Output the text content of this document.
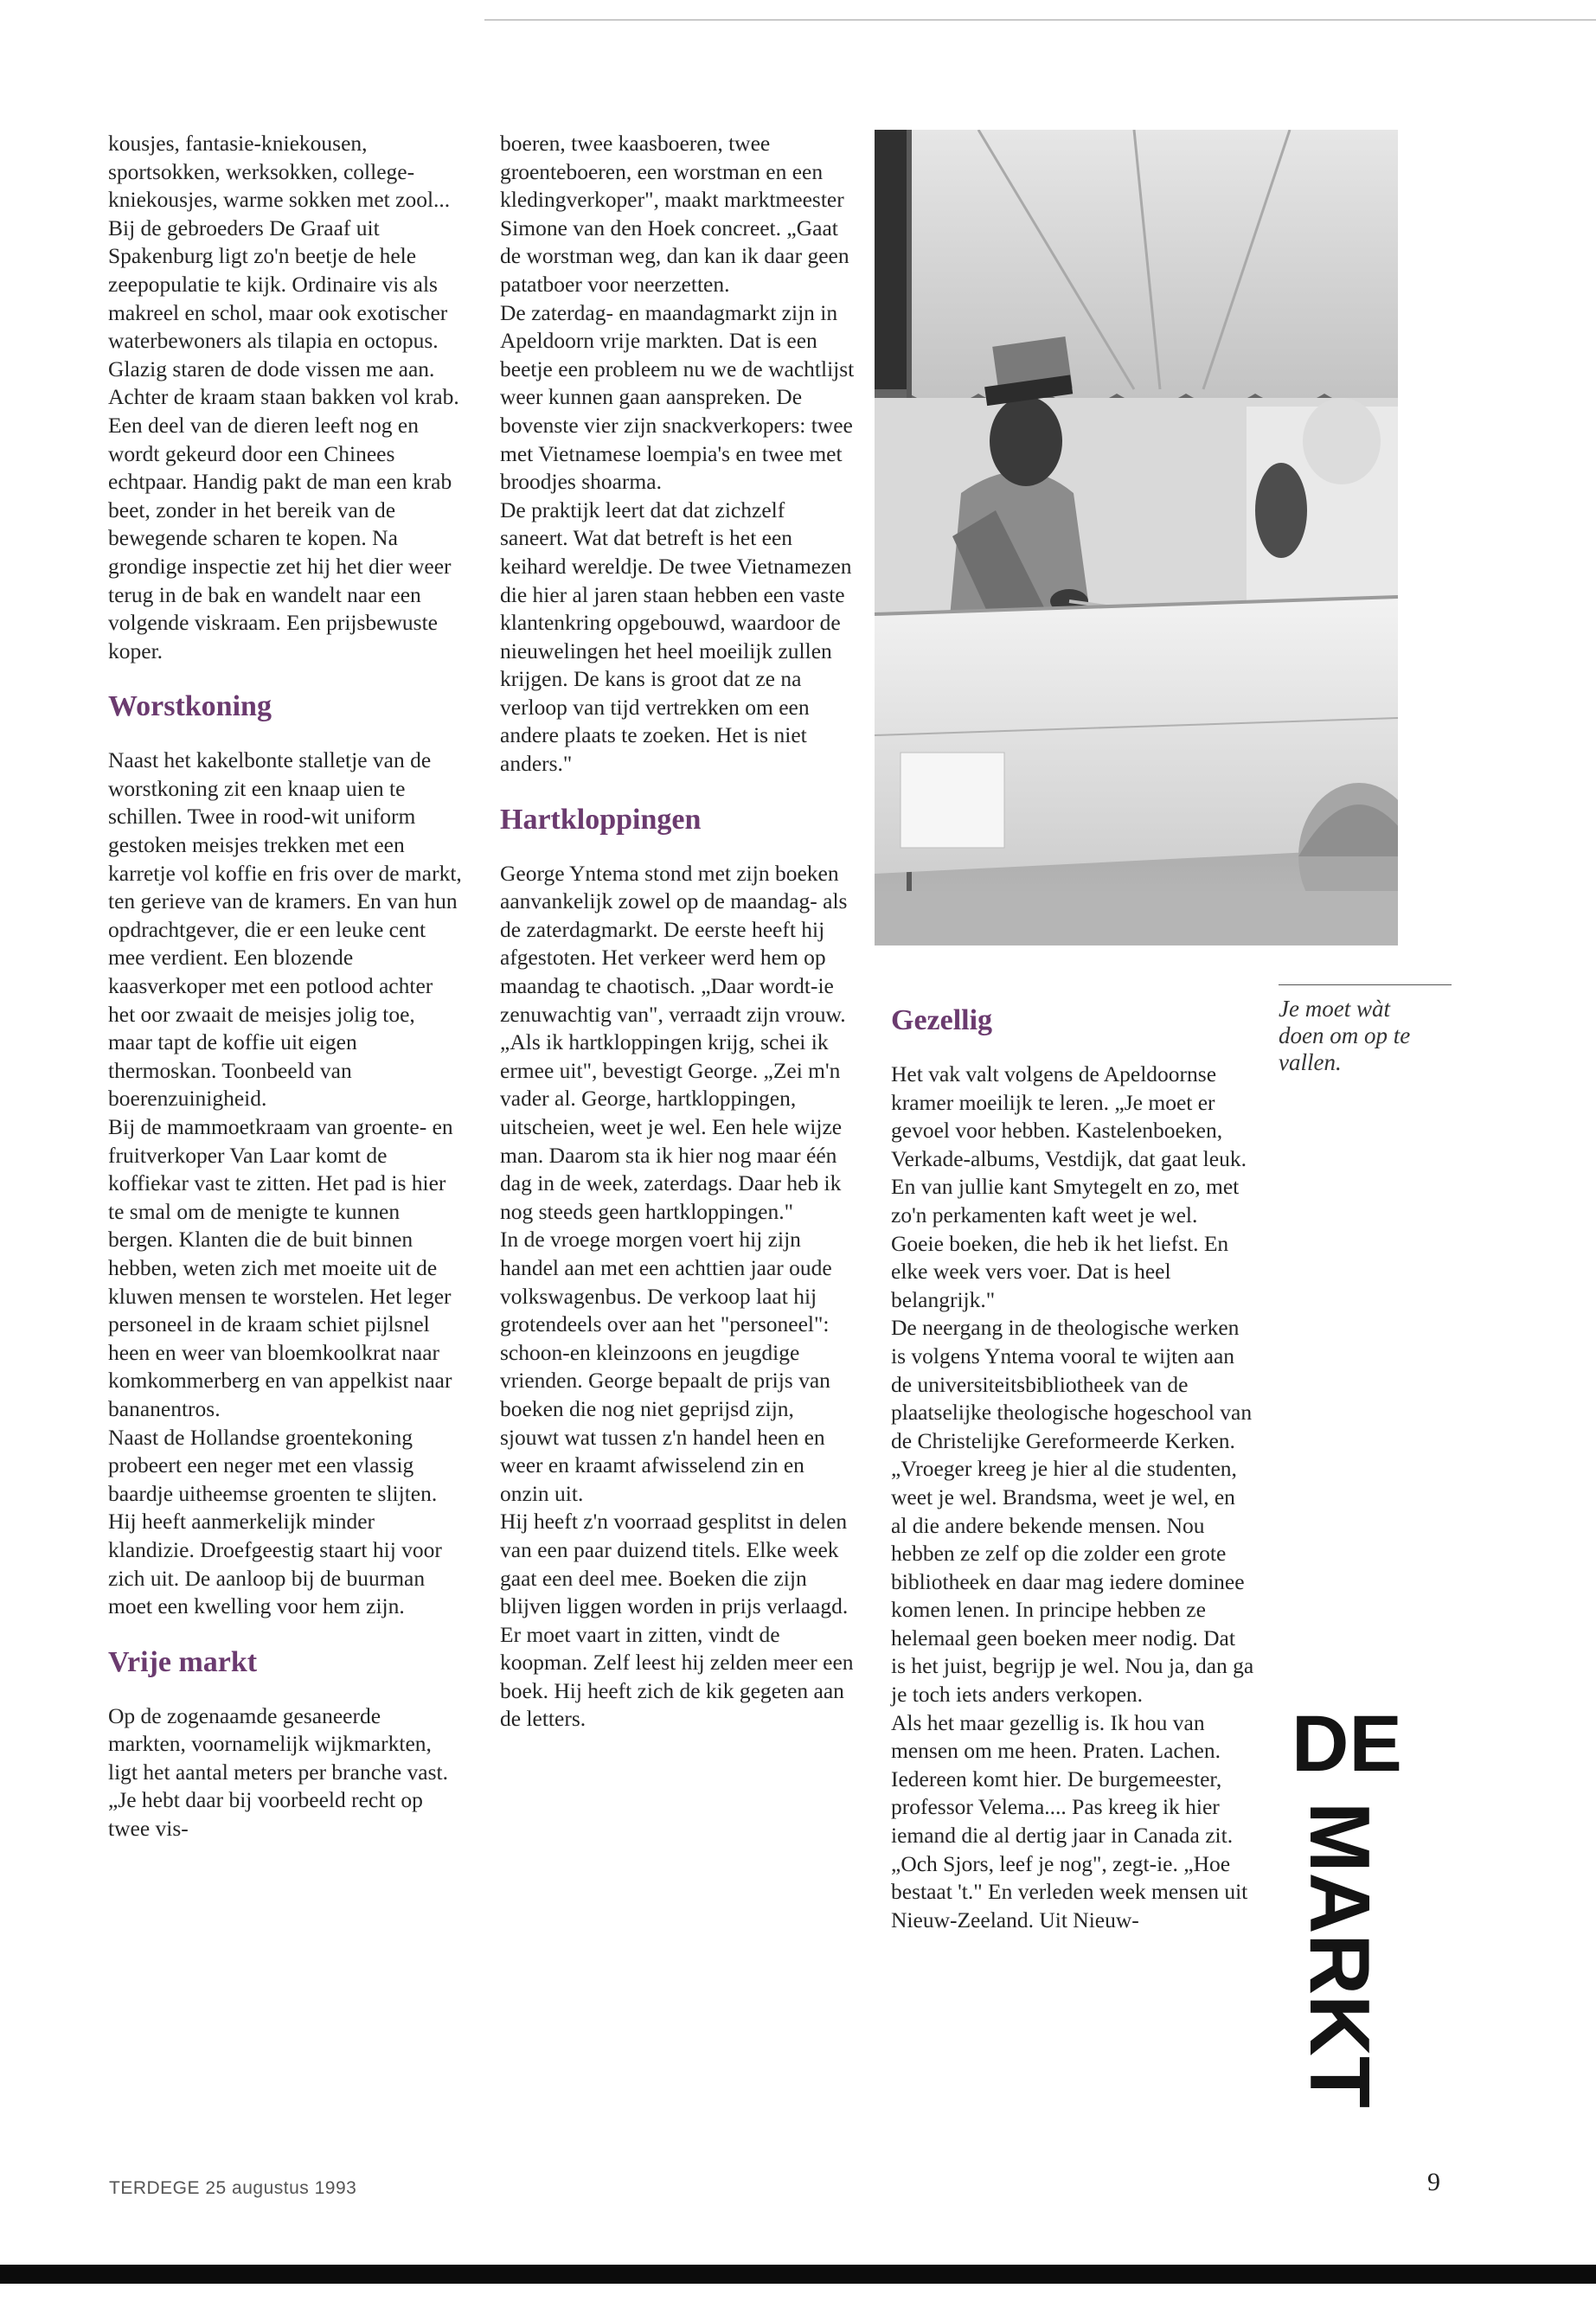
kousjes, fantasie-kniekousen, sportsokken, werksokken, college-kniekousjes, warme sokken met zool...

Bij de gebroeders De Graaf uit Spakenburg ligt zo'n beetje de hele zeepopulatie te kijk. Ordinaire vis als makreel en schol, maar ook exotischer waterbewoners als tilapia en octopus. Glazig staren de dode vissen me aan. Achter de kraam staan bakken vol krab. Een deel van de dieren leeft nog en wordt gekeurd door een Chinees echtpaar. Handig pakt de man een krab beet, zonder in het bereik van de bewegende scharen te kopen. Na grondige inspectie zet hij het dier weer terug in de bak en wandelt naar een volgende viskraam. Een prijsbewuste koper.

Worstkoning

Naast het kakelbonte stalletje van de worstkoning zit een knaap uien te schillen. Twee in rood-wit uniform gestoken meisjes trekken met een karretje vol koffie en fris over de markt, ten gerieve van de kramers. En van hun opdrachtgever, die er een leuke cent mee verdient. Een blozende kaasverkoper met een potlood achter het oor zwaait de meisjes jolig toe, maar tapt de koffie uit eigen thermoskan. Toonbeeld van boerenzuinigheid.

Bij de mammoetkraam van groente- en fruitverkoper Van Laar komt de koffiekar vast te zitten. Het pad is hier te smal om de menigte te kunnen bergen. Klanten die de buit binnen hebben, weten zich met moeite uit de kluwen mensen te worstelen. Het leger personeel in de kraam schiet pijlsnel heen en weer van bloemkoolkrat naar komkommerberg en van appelkist naar bananentros.

Naast de Hollandse groentekoning probeert een neger met een vlassig baardje uitheemse groenten te slijten. Hij heeft aanmerkelijk minder klandizie. Droefgeestig staart hij voor zich uit. De aanloop bij de buurman moet een kwelling voor hem zijn.

Vrije markt

Op de zogenaamde gesaneerde markten, voornamelijk wijkmarkten, ligt het aantal meters per branche vast. „Je hebt daar bij voorbeeld recht op twee vis-

boeren, twee kaasboeren, twee groenteboeren, een worstman en een kledingverkoper", maakt marktmeester Simone van den Hoek concreet. „Gaat de worstman weg, dan kan ik daar geen patatboer voor neerzetten.

De zaterdag- en maandagmarkt zijn in Apeldoorn vrije markten. Dat is een beetje een probleem nu we de wachtlijst weer kunnen gaan aanspreken. De bovenste vier zijn snackverkopers: twee met Vietnamese loempia's en twee met broodjes shoarma.

De praktijk leert dat dat zichzelf saneert. Wat dat betreft is het een keihard wereldje. De twee Vietnamezen die hier al jaren staan hebben een vaste klantenkring opgebouwd, waardoor de nieuwelingen het heel moeilijk zullen krijgen. De kans is groot dat ze na verloop van tijd vertrekken om een andere plaats te zoeken. Het is niet anders."

Hartkloppingen

George Yntema stond met zijn boeken aanvankelijk zowel op de maandag- als de zaterdagmarkt. De eerste heeft hij afgestoten. Het verkeer werd hem op maandag te chaotisch. „Daar wordt-ie zenuwachtig van", verraadt zijn vrouw. „Als ik hartkloppingen krijg, schei ik ermee uit", bevestigt George. „Zei m'n vader al. George, hartkloppingen, uitscheien, weet je wel. Een hele wijze man. Daarom sta ik hier nog maar één dag in de week, zaterdags. Daar heb ik nog steeds geen hartkloppingen."

In de vroege morgen voert hij zijn handel aan met een achttien jaar oude volkswagenbus. De verkoop laat hij grotendeels over aan het "personeel": schoon-en kleinzoons en jeugdige vrienden. George bepaalt de prijs van boeken die nog niet geprijsd zijn, sjouwt wat tussen z'n handel heen en weer en kraamt afwisselend zin en onzin uit.

Hij heeft z'n voorraad gesplitst in delen van een paar duizend titels. Elke week gaat een deel mee. Boeken die zijn blijven liggen worden in prijs verlaagd. Er moet vaart in zitten, vindt de koopman. Zelf leest hij zelden meer een boek. Hij heeft zich de kik gegeten aan de letters.

Gezellig

Het vak valt volgens de Apeldoornse kramer moeilijk te leren. „Je moet er gevoel voor hebben. Kastelenboeken, Verkade-albums, Vestdijk, dat gaat leuk. En van jullie kant Smytegelt en zo, met zo'n perkamenten kaft weet je wel. Goeie boeken, die heb ik het liefst. En elke week vers voer. Dat is heel belangrijk."

De neergang in de theologische werken is volgens Yntema vooral te wijten aan de universiteitsbibliotheek van de plaatselijke theologische hogeschool van de Christelijke Gereformeerde Kerken. „Vroeger kreeg je hier al die studenten, weet je wel. Brandsma, weet je wel, en al die andere bekende mensen. Nou hebben ze zelf op die zolder een grote bibliotheek en daar mag iedere dominee komen lenen. In principe hebben ze helemaal geen boeken meer nodig. Dat is het juist, begrijp je wel. Nou ja, dan ga je toch iets anders verkopen.

Als het maar gezellig is. Ik hou van mensen om me heen. Praten. Lachen. Iedereen komt hier. De burgemeester, professor Velema.... Pas kreeg ik hier iemand die al dertig jaar in Canada zit. „Och Sjors, leef je nog", zegt-ie. „Hoe bestaat 't." En verleden week mensen uit Nieuw-Zeeland. Uit Nieuw-

Je moet wàt

doen om op te

vallen.

DE
MARKT
TERDEGE 25 augustus 1993	9
